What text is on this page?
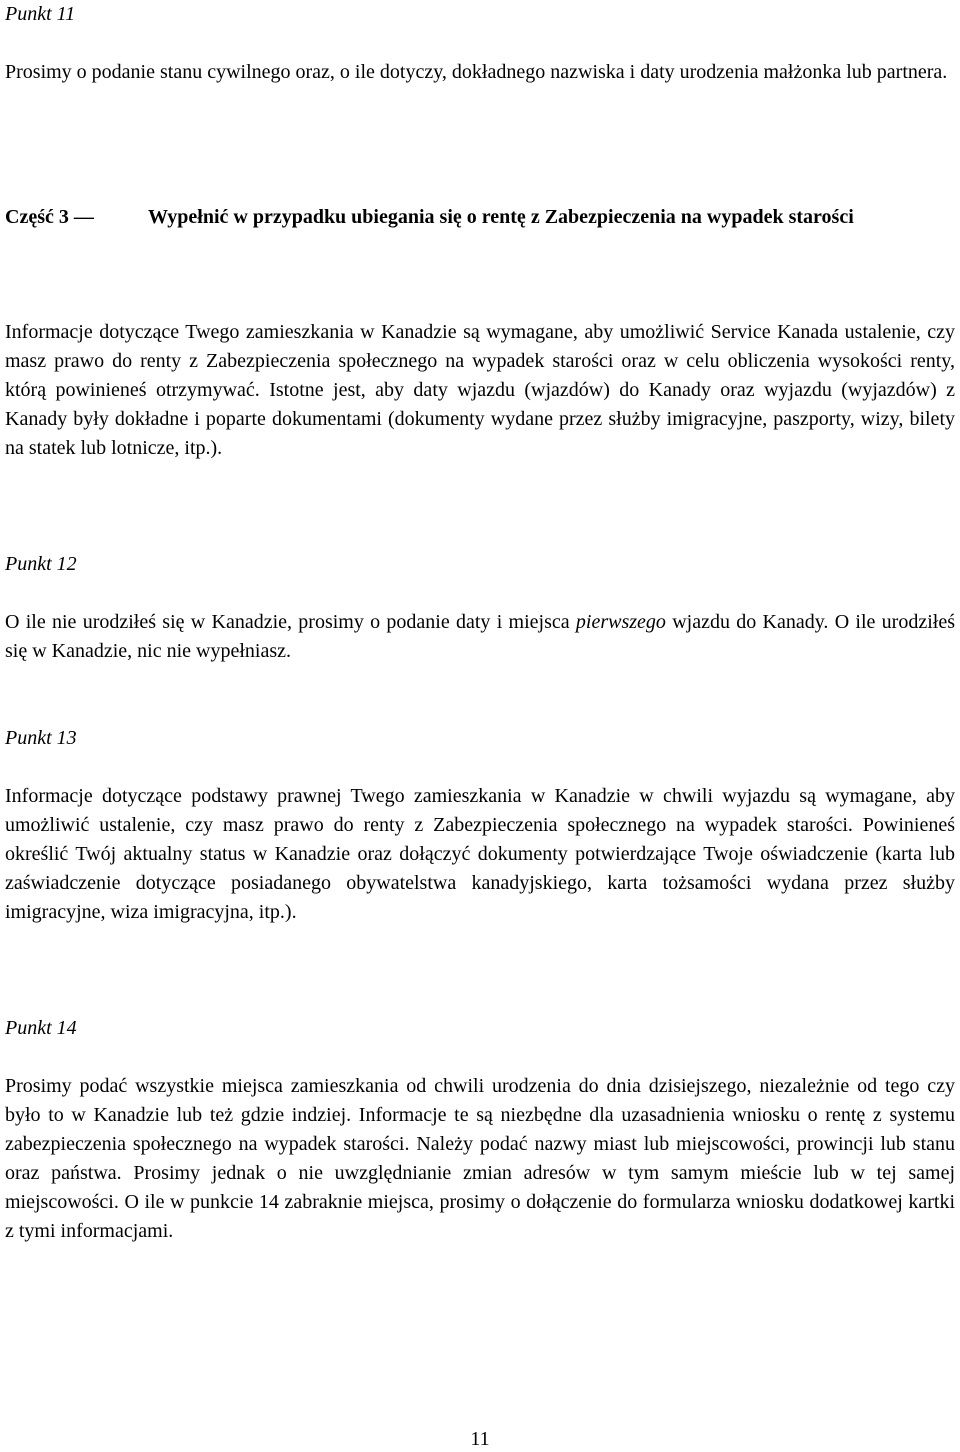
Punkt 11

Prosimy o podanie stanu cywilnego oraz, o ile dotyczy, dokładnego nazwiska i daty urodzenia małżonka lub partnera.

Część 3 —	Wypełnić w przypadku ubiegania się o rentę z Zabezpieczenia na wypadek starości

Informacje dotyczące Twego zamieszkania w Kanadzie są wymagane, aby umożliwić Service Kanada ustalenie, czy masz prawo do renty z Zabezpieczenia społecznego na wypadek starości oraz w celu obliczenia wysokości renty, którą powinieneś otrzymywać. Istotne jest, aby daty wjazdu (wjazdów) do Kanady oraz wyjazdu (wyjazdów) z Kanady były dokładne i poparte dokumentami (dokumenty wydane przez służby imigracyjne, paszporty, wizy, bilety na statek lub lotnicze, itp.).

Punkt 12

O ile nie urodziłeś się w Kanadzie, prosimy o podanie daty i miejsca pierwszego wjazdu do Kanady. O ile urodziłeś się w Kanadzie, nic nie wypełniasz.

Punkt 13

Informacje dotyczące podstawy prawnej Twego zamieszkania w Kanadzie w chwili wyjazdu są wymagane, aby umożliwić ustalenie, czy masz prawo do renty z Zabezpieczenia społecznego na wypadek starości. Powinieneś określić Twój aktualny status w Kanadzie oraz dołączyć dokumenty potwierdzające Twoje oświadczenie (karta lub zaświadczenie dotyczące posiadanego obywatelstwa kanadyjskiego, karta tożsamości wydana przez służby imigracyjne, wiza imigracyjna, itp.).

Punkt 14

Prosimy podać wszystkie miejsca zamieszkania od chwili urodzenia do dnia dzisiejszego, niezależnie od tego czy było to w Kanadzie lub też gdzie indziej. Informacje te są niezbędne dla uzasadnienia wniosku o rentę z systemu zabezpieczenia społecznego na wypadek starości. Należy podać nazwy miast lub miejscowości, prowincji lub stanu oraz państwa. Prosimy jednak o nie uwzględnianie zmian adresów w tym samym mieście lub w tej samej miejscowości. O ile w punkcie 14 zabraknie miejsca, prosimy o dołączenie do formularza wniosku dodatkowej kartki z tymi informacjami.

11
